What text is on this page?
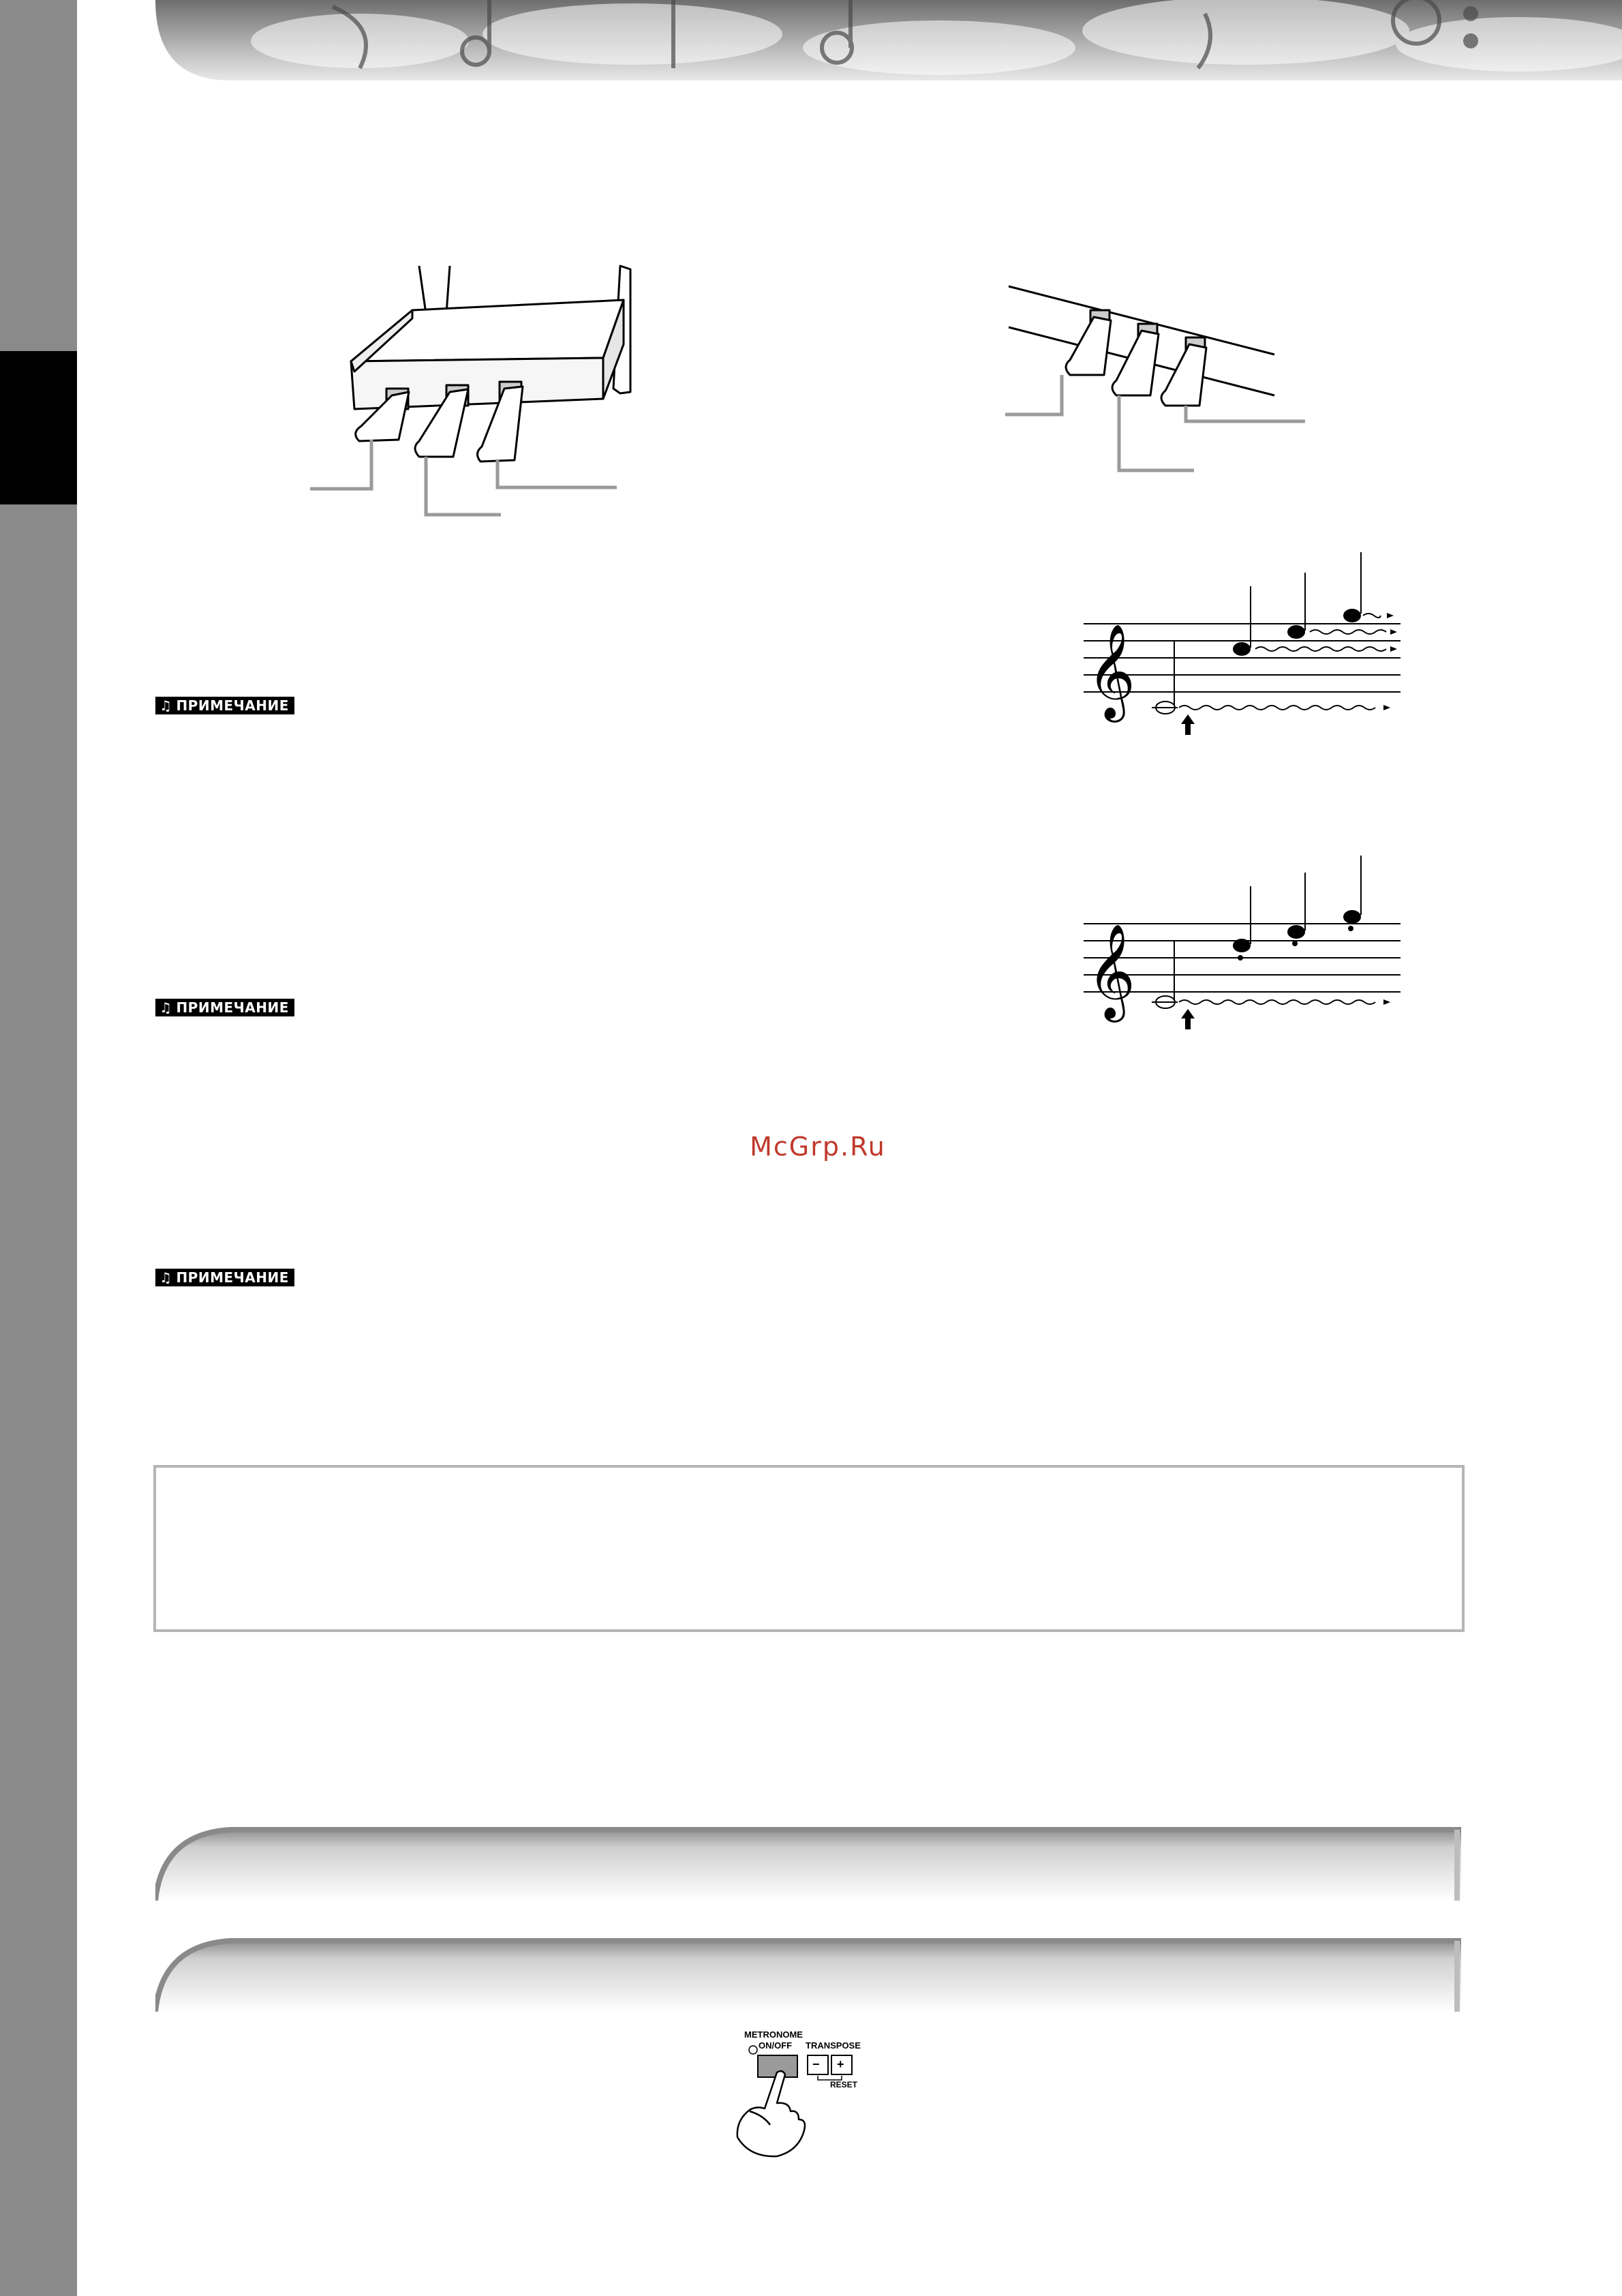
𝄞
𝄞
♫ ПРИМЕЧАНИЕ
♫ ПРИМЕЧАНИЕ
♫ ПРИМЕЧАНИЕ
McGrp.Ru
METRONOME
ON/OFF TRANSPOSE
− +
RESET
